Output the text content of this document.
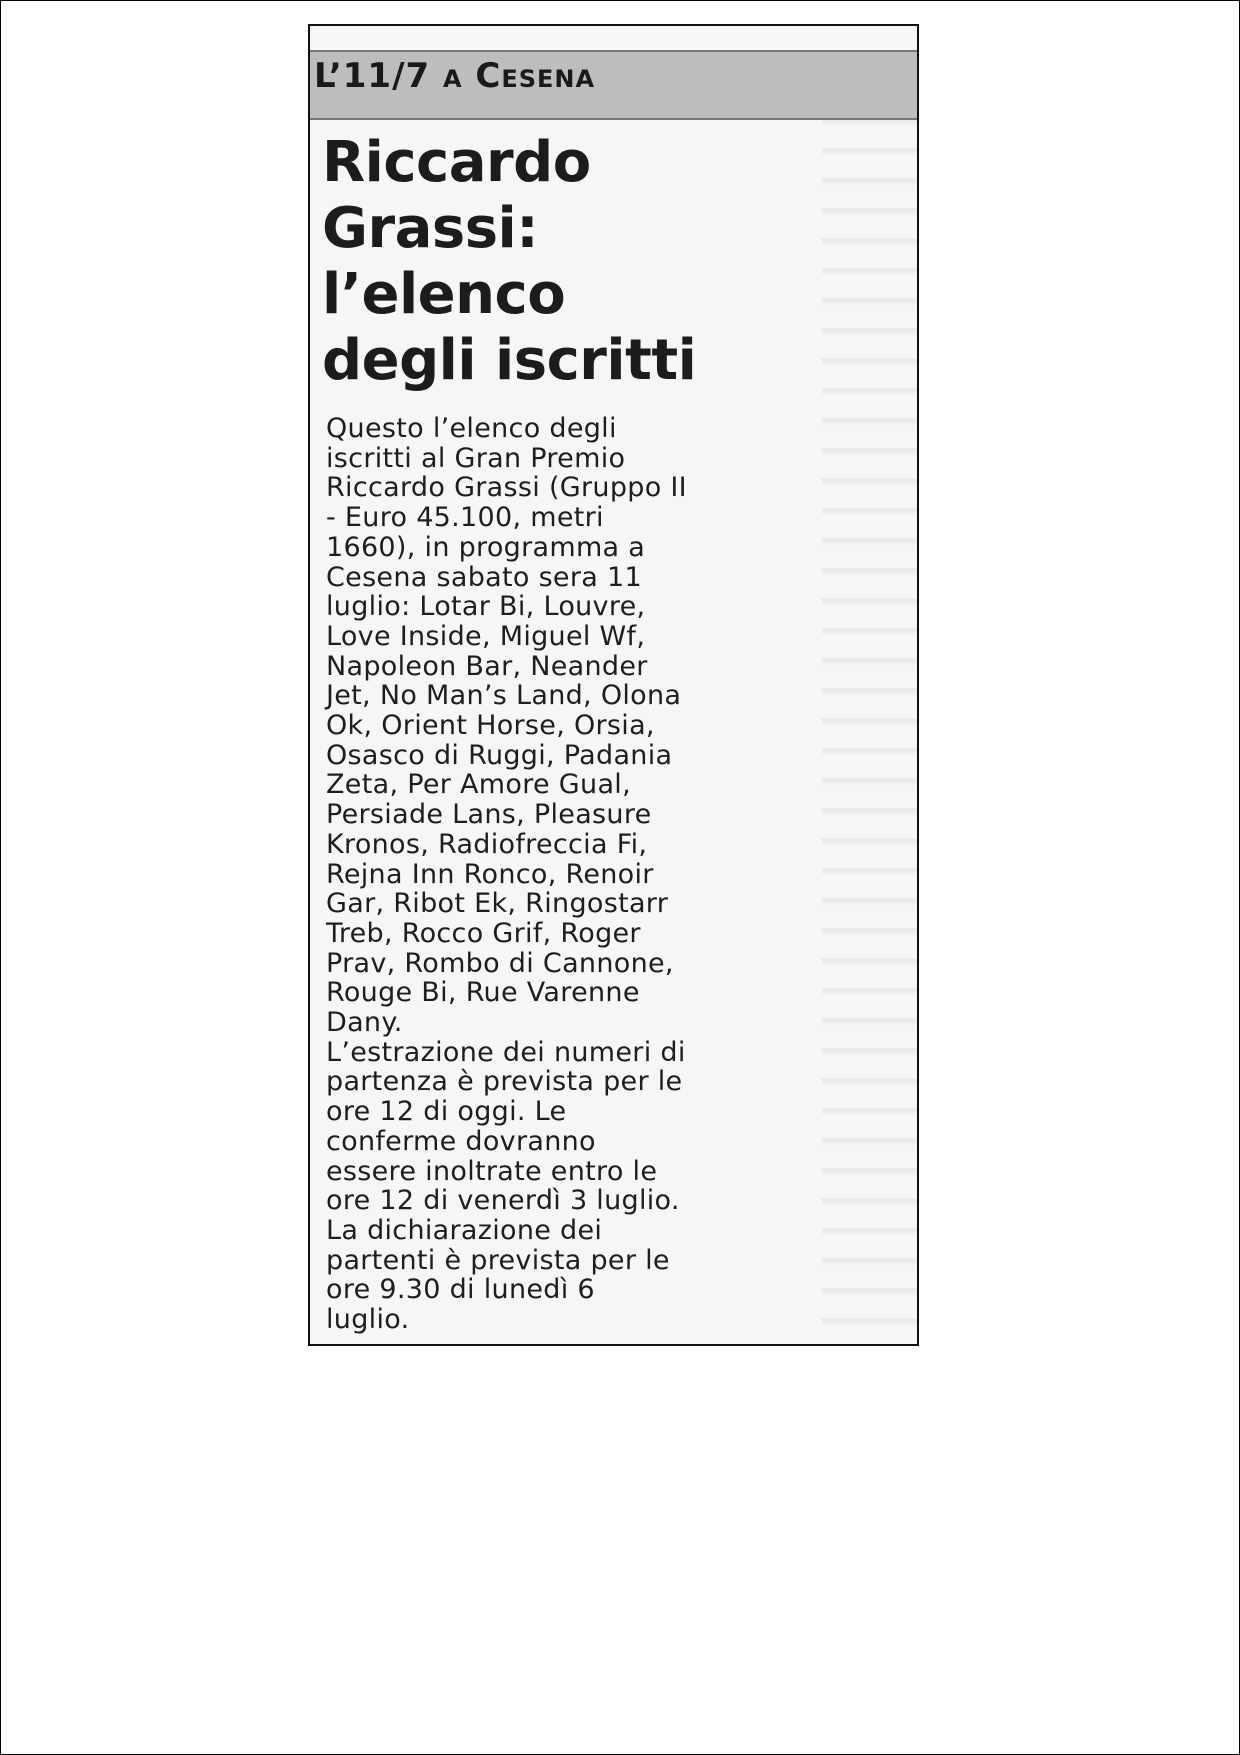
L’11/7 a Cesena
Riccardo
Grassi:
l’elenco
degli iscritti
Questo l’elenco degli
iscritti al Gran Premio
Riccardo Grassi (Gruppo II
- Euro 45.100, metri
1660), in programma a
Cesena sabato sera 11
luglio: Lotar Bi, Louvre,
Love Inside, Miguel Wf,
Napoleon Bar, Neander
Jet, No Man’s Land, Olona
Ok, Orient Horse, Orsia,
Osasco di Ruggi, Padania
Zeta, Per Amore Gual,
Persiade Lans, Pleasure
Kronos, Radiofreccia Fi,
Rejna Inn Ronco, Renoir
Gar, Ribot Ek, Ringostarr
Treb, Rocco Grif, Roger
Prav, Rombo di Cannone,
Rouge Bi, Rue Varenne
Dany.
L’estrazione dei numeri di
partenza è prevista per le
ore 12 di oggi. Le
conferme dovranno
essere inoltrate entro le
ore 12 di venerdì 3 luglio.
La dichiarazione dei
partenti è prevista per le
ore 9.30 di lunedì 6
luglio.
